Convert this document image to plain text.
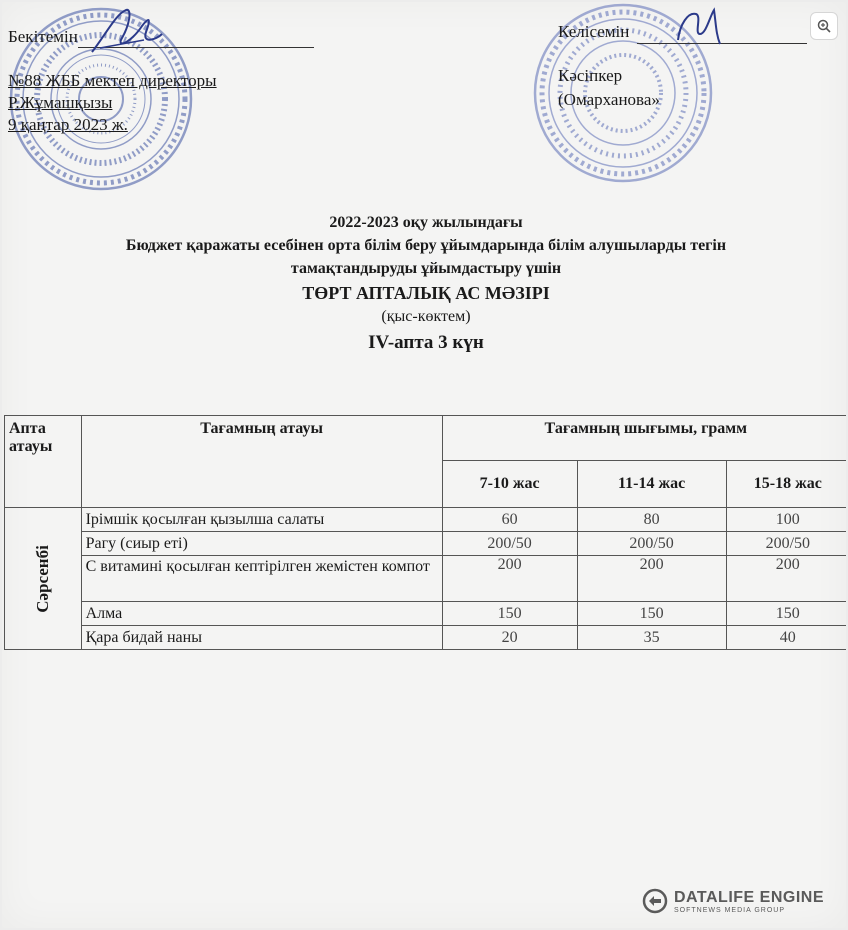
Бекітемін
№88 ЖББ мектеп директоры
Р.Жұмашқызы
9 қаңтар 2023 ж.
Келісемін
Кәсіпкер
(Омарханова»
2022-2023 оқу жылындағы
Бюджет қаражаты есебінен орта білім беру ұйымдарында білім алушыларды тегін
тамақтандыруды ұйымдастыру үшін
ТӨРТ АПТАЛЫҚ АС МӘЗІРІ
(қыс-көктем)
IV-апта 3 күн
Апта атауы	Тағамның атауы	Тағамның шығымы, грамм		
		7-10 жас	11-14 жас	15-18 жас
Сәрсенбі	Ірімшік қосылған қызылша салаты	60	80	100
	Рагу (сиыр еті)	200/50	200/50	200/50
	С витамині қосылған кептірілген жемістен компот	200	200	200
	Алма	150	150	150
	Қара бидай наны	20	35	40
DATALIFE ENGINE
SOFTNEWS MEDIA GROUP
